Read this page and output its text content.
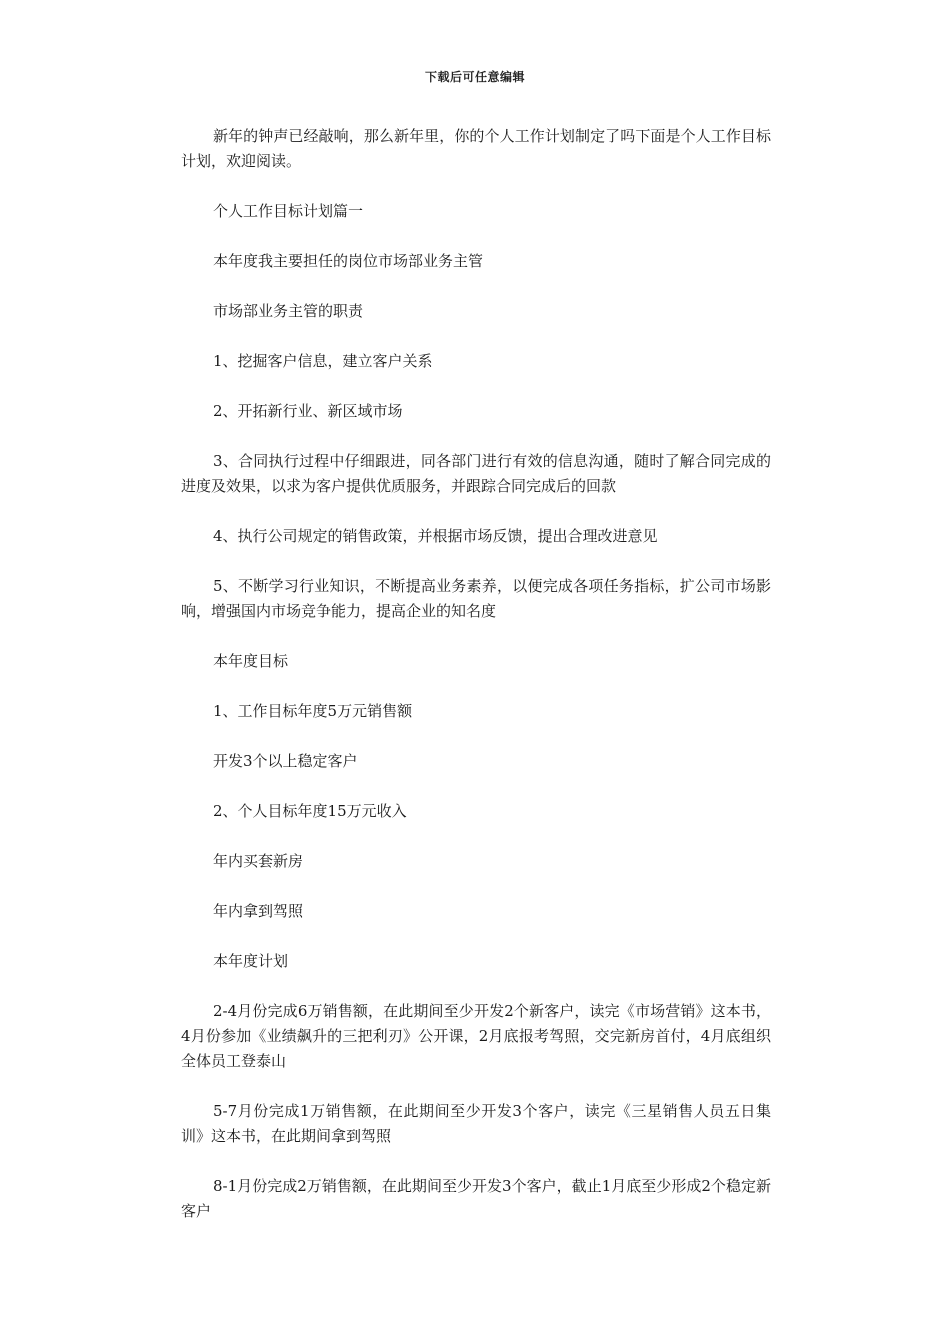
下载后可任意编辑

新年的钟声已经敲响，那么新年里，你的个人工作计划制定了吗下面是个人工作目标计划，欢迎阅读。

个人工作目标计划篇一

本年度我主要担任的岗位市场部业务主管

市场部业务主管的职责

1、挖掘客户信息，建立客户关系

2、开拓新行业、新区域市场

3、合同执行过程中仔细跟进，同各部门进行有效的信息沟通，随时了解合同完成的进度及效果，以求为客户提供优质服务，并跟踪合同完成后的回款

4、执行公司规定的销售政策，并根据市场反馈，提出合理改进意见

5、不断学习行业知识，不断提高业务素养，以便完成各项任务指标，扩公司市场影响，增强国内市场竞争能力，提高企业的知名度

本年度目标

1、工作目标年度5万元销售额

开发3个以上稳定客户

2、个人目标年度15万元收入

年内买套新房

年内拿到驾照

本年度计划

2-4月份完成6万销售额，在此期间至少开发2个新客户，读完《市场营销》这本书，4月份参加《业绩飙升的三把利刃》公开课，2月底报考驾照，交完新房首付，4月底组织全体员工登泰山

5-7月份完成1万销售额，在此期间至少开发3个客户，读完《三星销售人员五日集训》这本书，在此期间拿到驾照

8-1月份完成2万销售额，在此期间至少开发3个客户，截止1月底至少形成2个稳定新客户
